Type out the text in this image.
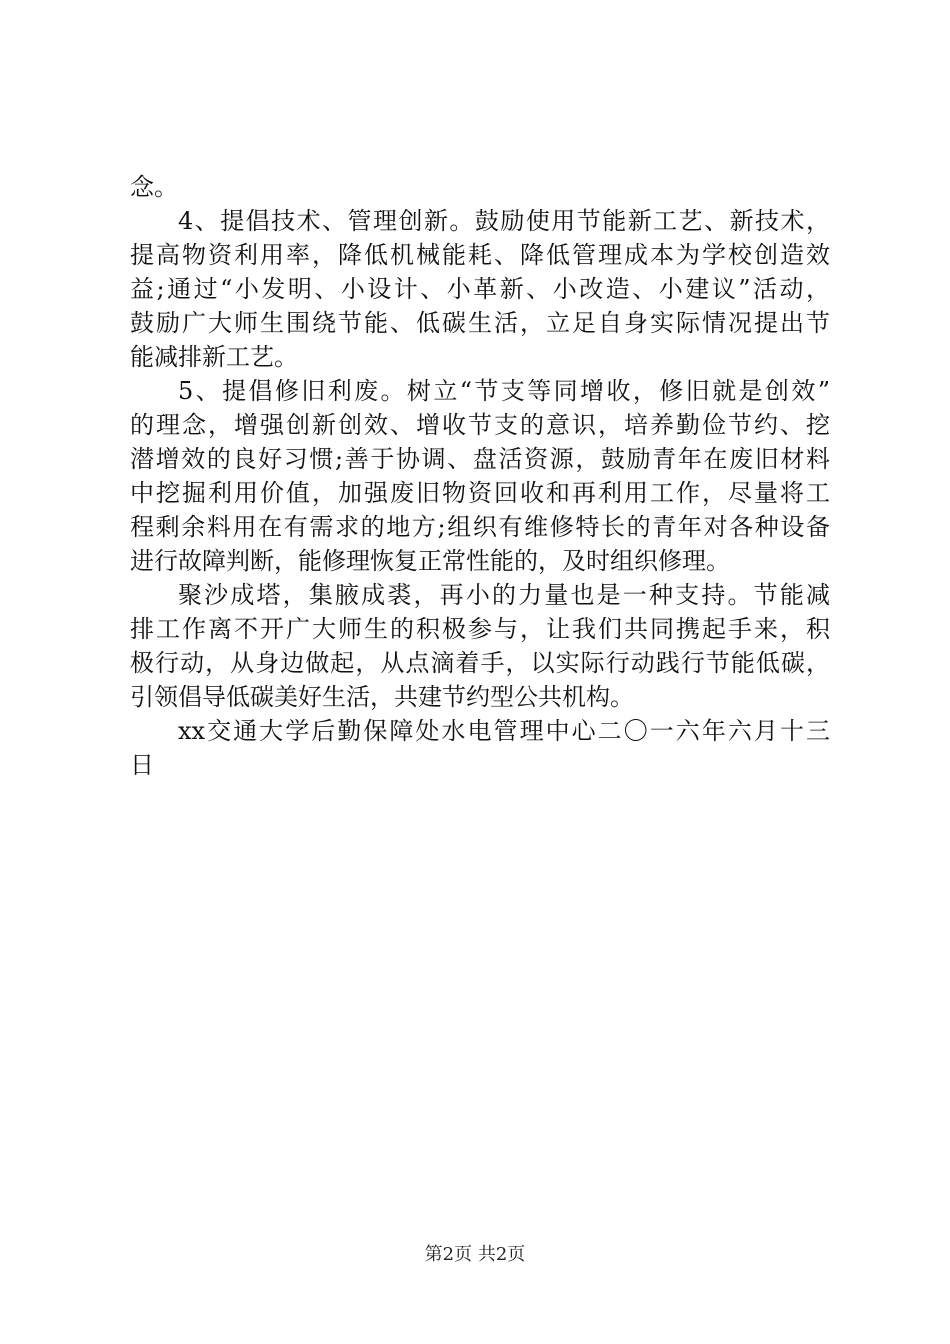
念。
4、提倡技术、管理创新。鼓励使用节能新工艺、新技术，
提高物资利用率，降低机械能耗、降低管理成本为学校创造效
益;通过“小发明、小设计、小革新、小改造、小建议”活动，
鼓励广大师生围绕节能、低碳生活，立足自身实际情况提出节
能减排新工艺。
5、提倡修旧利废。树立“节支等同增收，修旧就是创效”
的理念，增强创新创效、增收节支的意识，培养勤俭节约、挖
潜增效的良好习惯;善于协调、盘活资源，鼓励青年在废旧材料
中挖掘利用价值，加强废旧物资回收和再利用工作，尽量将工
程剩余料用在有需求的地方;组织有维修特长的青年对各种设备
进行故障判断，能修理恢复正常性能的，及时组织修理。
聚沙成塔，集腋成裘，再小的力量也是一种支持。节能减
排工作离不开广大师生的积极参与，让我们共同携起手来，积
极行动，从身边做起，从点滴着手，以实际行动践行节能低碳，
引领倡导低碳美好生活，共建节约型公共机构。
xx交通大学后勤保障处水电管理中心二〇一六年六月十三
日
第2页 共2页
